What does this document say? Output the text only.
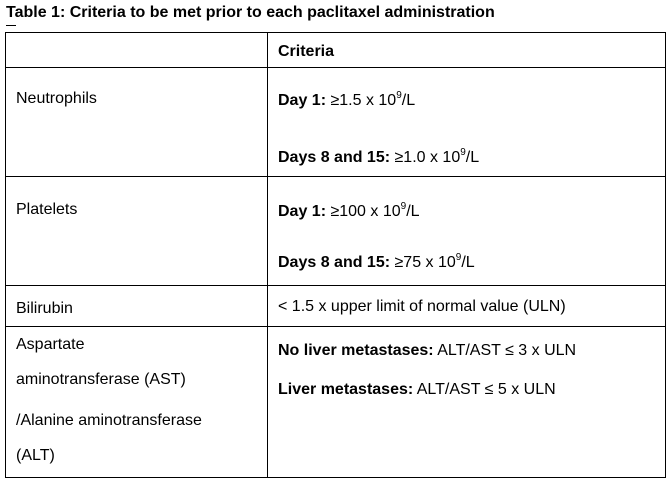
Table 1: Criteria to be met prior to each paclitaxel administration

	Criteria

Neutrophils	Day 1: ≥1.5 x $10^9/L$
Days 8 and 15: ≥1.0 x $10^9/L$

Platelets	Day 1: ≥100 x $10^9/L$
Days 8 and 15: ≥75 x $10^9/L$

Bilirubin	< 1.5 x upper limit of normal value (ULN)

Aspartate
aminotransferase (AST)
/Alanine aminotransferase
(ALT)	No liver metastases: ALT/AST ≤ 3 x ULN
Liver metastases: ALT/AST ≤ 5 x ULN
